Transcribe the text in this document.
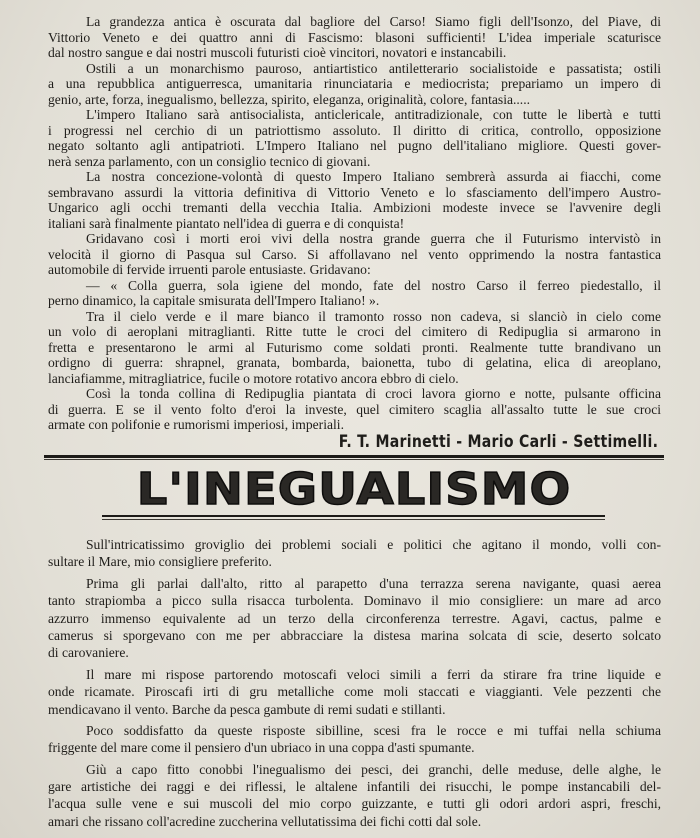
La grandezza antica è oscurata dal bagliore del Carso! Siamo figli dell'Isonzo, del Piave, di
Vittorio Veneto e dei quattro anni di Fascismo: blasoni sufficienti! L'idea imperiale scaturisce
dal nostro sangue e dai nostri muscoli futuristi cioè vincitori, novatori e instancabili.
Ostili a un monarchismo pauroso, antiartistico antiletterario socialistoide e passatista; ostili
a una repubblica antiguerresca, umanitaria rinunciataria e mediocrista; prepariamo un impero di
genio, arte, forza, inegualismo, bellezza, spirito, eleganza, originalità, colore, fantasia.....
L'impero Italiano sarà antisocialista, anticlericale, antitradizionale, con tutte le libertà e tutti
i progressi nel cerchio di un patriottismo assoluto. Il diritto di critica, controllo, opposizione
negato soltanto agli antipatrioti. L'Impero Italiano nel pugno dell'italiano migliore. Questi gover-
nerà senza parlamento, con un consiglio tecnico di giovani.
La nostra concezione-volontà di questo Impero Italiano sembrerà assurda ai fiacchi, come
sembravano assurdi la vittoria definitiva di Vittorio Veneto e lo sfasciamento dell'impero Austro-
Ungarico agli occhi tremanti della vecchia Italia. Ambizioni modeste invece se l'avvenire degli
italiani sarà finalmente piantato nell'idea di guerra e di conquista!
Gridavano così i morti eroi vivi della nostra grande guerra che il Futurismo intervistò in
velocità il giorno di Pasqua sul Carso. Si affollavano nel vento opprimendo la nostra fantastica
automobile di fervide irruenti parole entusiaste. Gridavano:
— « Colla guerra, sola igiene del mondo, fate del nostro Carso il ferreo piedestallo, il
perno dinamico, la capitale smisurata dell'Impero Italiano! ».
Tra il cielo verde e il mare bianco il tramonto rosso non cadeva, si slanciò in cielo come
un volo di aeroplani mitraglianti. Ritte tutte le croci del cimitero di Redipuglia si armarono in
fretta e presentarono le armi al Futurismo come soldati pronti. Realmente tutte brandivano un
ordigno di guerra: shrapnel, granata, bombarda, baionetta, tubo di gelatina, elica di areoplano,
lanciafiamme, mitragliatrice, fucile o motore rotativo ancora ebbro di cielo.
Così la tonda collina di Redipuglia piantata di croci lavora giorno e notte, pulsante officina
di guerra. E se il vento folto d'eroi la investe, quel cimitero scaglia all'assalto tutte le sue croci
armate con polifonie e rumorismi imperiosi, imperiali.
F. T. Marinetti - Mario Carli - Settimelli.
L'INEGUALISMO
Sull'intricatissimo groviglio dei problemi sociali e politici che agitano il mondo, volli con-
sultare il Mare, mio consigliere preferito.
Prima gli parlai dall'alto, ritto al parapetto d'una terrazza serena navigante, quasi aerea
tanto strapiomba a picco sulla risacca turbolenta. Dominavo il mio consigliere: un mare ad arco
azzurro immenso equivalente ad un terzo della circonferenza terrestre. Agavi, cactus, palme e
camerus si sporgevano con me per abbracciare la distesa marina solcata di scie, deserto solcato
di carovaniere.
Il mare mi rispose partorendo motoscafi veloci simili a ferri da stirare fra trine liquide e
onde ricamate. Piroscafi irti di gru metalliche come moli staccati e viaggianti. Vele pezzenti che
mendicavano il vento. Barche da pesca gambute di remi sudati e stillanti.
Poco soddisfatto da queste risposte sibilline, scesi fra le rocce e mi tuffai nella schiuma
friggente del mare come il pensiero d'un ubriaco in una coppa d'asti spumante.
Giù a capo fitto conobbi l'inegualismo dei pesci, dei granchi, delle meduse, delle alghe, le
gare artistiche dei raggi e dei riflessi, le altalene infantili dei risucchi, le pompe instancabili del-
l'acqua sulle vene e sui muscoli del mio corpo guizzante, e tutti gli odori ardori aspri, freschi,
amari che rissano coll'acredine zuccherina vellutatissima dei fichi cotti dal sole.
